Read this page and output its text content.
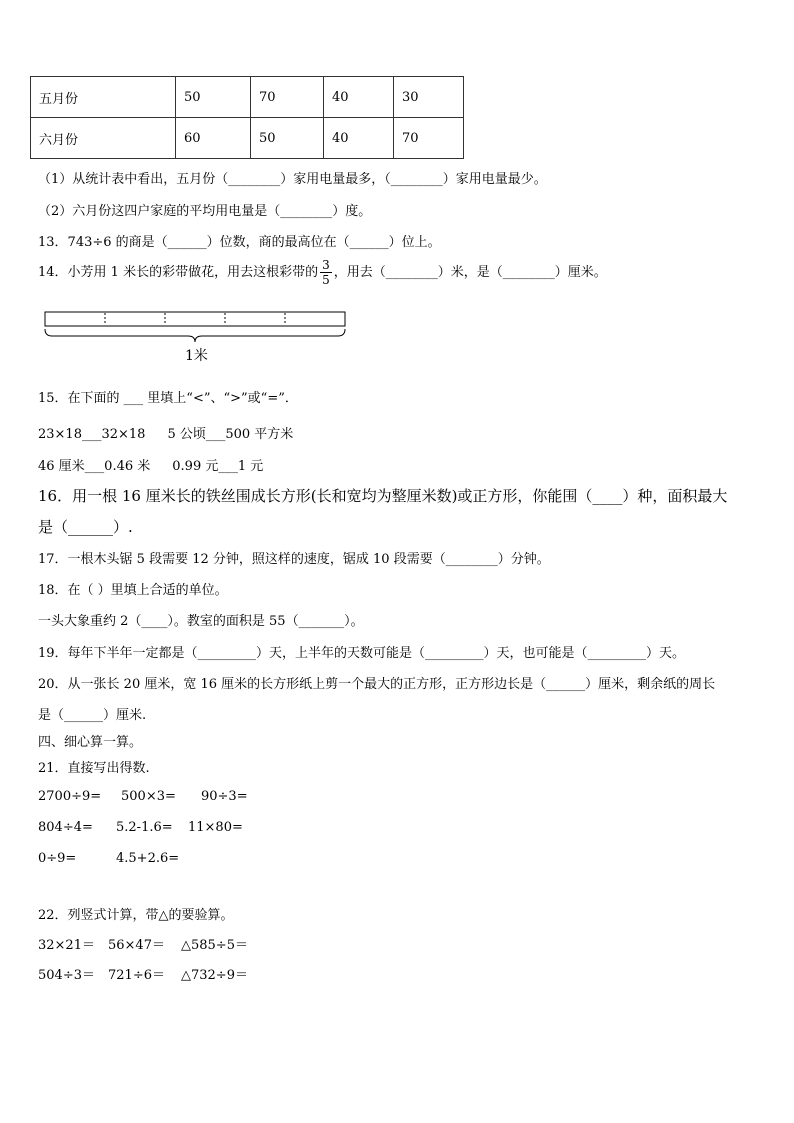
五月份	50	70	40	30
六月份	60	50	40	70
（1）从统计表中看出，五月份（________）家用电量最多，（________）家用电量最少。
（2）六月份这四户家庭的平均用电量是（________）度。
13．743÷6 的商是（______）位数，商的最高位在（______）位上。
14．小芳用 1 米长的彩带做花，用去这根彩带的 $\frac{3}{5}$ ，用去（________）米，是（________）厘米。
1米
15．在下面的 ___ 里填上“<”、“>”或“=”．
23×18___32×18 5 公顷___500 平方米
46 厘米___0.46 米 0.99 元___1 元
16．用一根 16 厘米长的铁丝围成长方形(长和宽均为整厘米数)或正方形，你能围（____）种，面积最大
是（______）.
17．一根木头锯 5 段需要 12 分钟，照这样的速度，锯成 10 段需要（________）分钟。
18．在（ ）里填上合适的单位。
一头大象重约 2（____）。教室的面积是 55（_______）。
19．每年下半年一定都是（_________）天，上半年的天数可能是（_________）天，也可能是（_________）天。
20．从一张长 20 厘米，宽 16 厘米的长方形纸上剪一个最大的正方形，正方形边长是（______）厘米，剩余纸的周长
是（______）厘米.
四、细心算一算。
21．直接写出得数.
2700÷9= 500×3= 90÷3=
804÷4= 5.2-1.6= 11×80=
0÷9=	4.5+2.6=
22．列竖式计算，带△的要验算。
32×21＝ 56×47＝ △585÷5＝
504÷3＝ 721÷6＝ △732÷9＝
